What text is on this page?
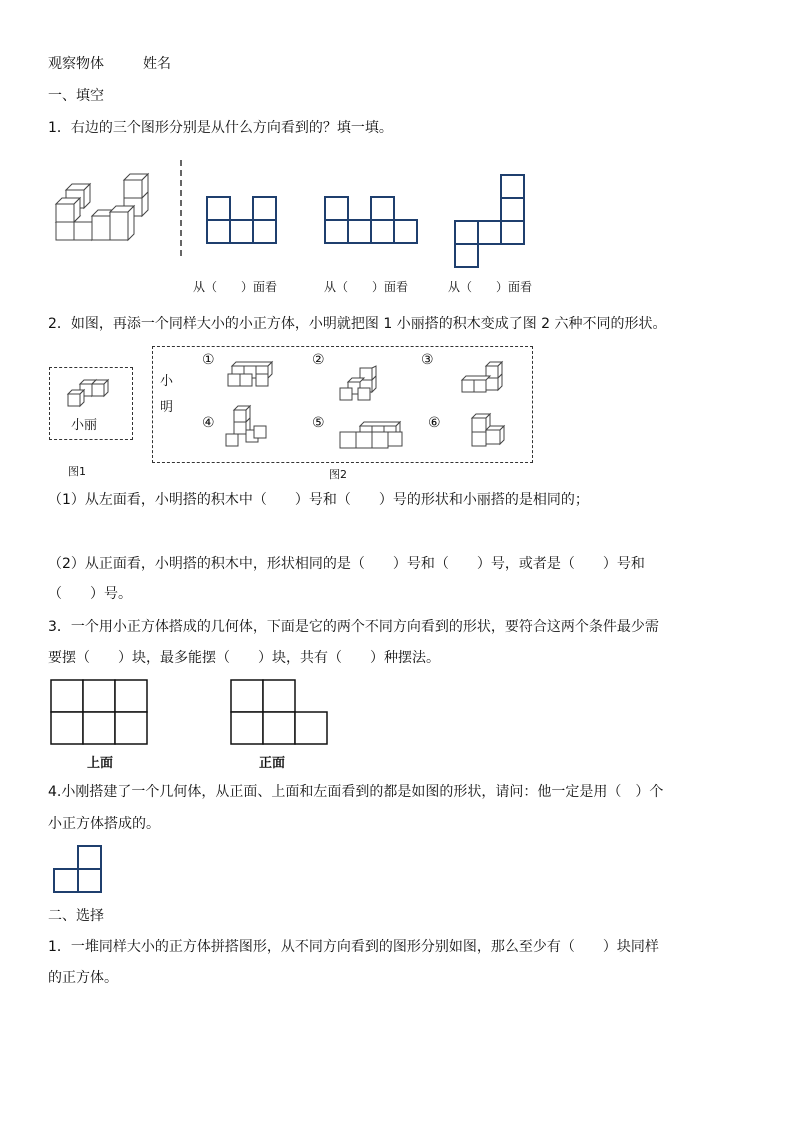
观察物体	姓名
一、填空
1．右边的三个图形分别是从什么方向看到的？填一填。
从（　　）面看	从（　　）面看	从（　　）面看
2．如图，再添一个同样大小的小正方体，小明就把图 1 小丽搭的积木变成了图 2 六种不同的形状。
小丽
图1
小明
图2
①	②	③
④	⑤	⑥
（1）从左面看，小明搭的积木中（　　）号和（　　）号的形状和小丽搭的是相同的；
（2）从正面看，小明搭的积木中，形状相同的是（　　）号和（　　）号，或者是（　　）号和
（　　）号。
3．一个用小正方体搭成的几何体，下面是它的两个不同方向看到的形状，要符合这两个条件最少需
要摆（　　）块，最多能摆（　　）块，共有（　　）种摆法。
上面	正面
4.小刚搭建了一个几何体，从正面、上面和左面看到的都是如图的形状，请问：他一定是用（　）个
小正方体搭成的。
二、选择
1．一堆同样大小的正方体拼搭图形，从不同方向看到的图形分别如图，那么至少有（　　）块同样
的正方体。
